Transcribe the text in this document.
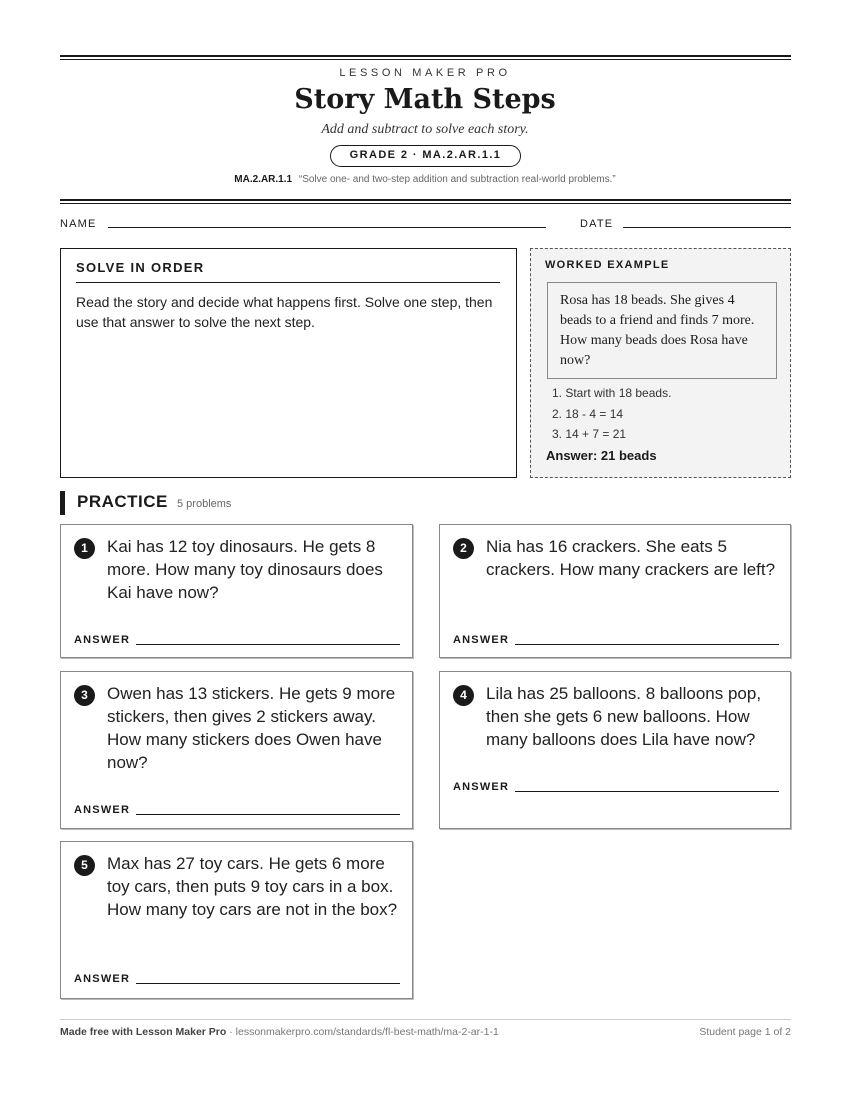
LESSON MAKER PRO
Story Math Steps
Add and subtract to solve each story.
GRADE 2 · MA.2.AR.1.1
MA.2.AR.1.1 “Solve one- and two-step addition and subtraction real-world problems.”
NAME	DATE
SOLVE IN ORDER
Read the story and decide what happens first. Solve one step, then use that answer to solve the next step.
WORKED EXAMPLE
Rosa has 18 beads. She gives 4 beads to a friend and finds 7 more. How many beads does Rosa have now?
1. Start with 18 beads.
2. 18 - 4 = 14
3. 14 + 7 = 21
Answer: 21 beads
PRACTICE 5 problems
1	Kai has 12 toy dinosaurs. He gets 8 more. How many toy dinosaurs does Kai have now?
ANSWER
2	Nia has 16 crackers. She eats 5 crackers. How many crackers are left?
ANSWER
3	Owen has 13 stickers. He gets 9 more stickers, then gives 2 stickers away. How many stickers does Owen have now?
ANSWER
4	Lila has 25 balloons. 8 balloons pop, then she gets 6 new balloons. How many balloons does Lila have now?
ANSWER
5	Max has 27 toy cars. He gets 6 more toy cars, then puts 9 toy cars in a box. How many toy cars are not in the box?
ANSWER
Made free with Lesson Maker Pro · lessonmakerpro.com/standards/fl-best-math/ma-2-ar-1-1	Student page 1 of 2
